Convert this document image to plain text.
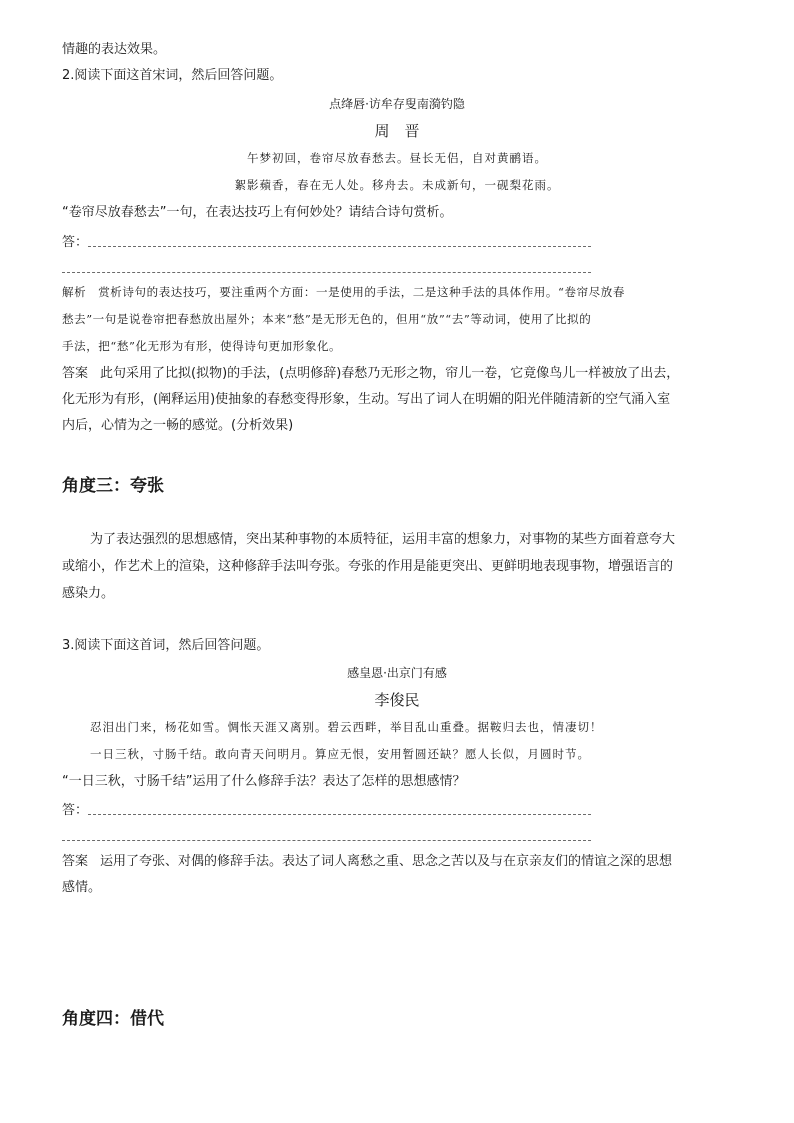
情趣的表达效果。
2.阅读下面这首宋词，然后回答问题。
点绛唇·访牟存叟南漪钓隐
周　晋
午梦初回，卷帘尽放春愁去。昼长无侣，自对黄鹂语。
絮影蘋香，春在无人处。移舟去。未成新句，一砚梨花雨。
“卷帘尽放春愁去”一句，在表达技巧上有何妙处？请结合诗句赏析。
答：
解析 赏析诗句的表达技巧，要注重两个方面：一是使用的手法，二是这种手法的具体作用。“卷帘尽放春
愁去”一句是说卷帘把春愁放出屋外；本来“愁”是无形无色的，但用“放”“去”等动词，使用了比拟的
手法，把“愁”化无形为有形，使得诗句更加形象化。
答案 此句采用了比拟(拟物)的手法，(点明修辞)春愁乃无形之物，帘儿一卷，它竟像鸟儿一样被放了出去，
化无形为有形，(阐释运用)使抽象的春愁变得形象，生动。写出了词人在明媚的阳光伴随清新的空气涌入室
内后，心情为之一畅的感觉。(分析效果)
角度三：夸张
为了表达强烈的思想感情，突出某种事物的本质特征，运用丰富的想象力，对事物的某些方面着意夸大
或缩小，作艺术上的渲染，这种修辞手法叫夸张。夸张的作用是能更突出、更鲜明地表现事物，增强语言的
感染力。
3.阅读下面这首词，然后回答问题。
感皇恩·出京门有感
李俊民
忍泪出门来，杨花如雪。惆怅天涯又离别。碧云西畔，举目乱山重叠。据鞍归去也，情凄切！
一日三秋，寸肠千结。敢向青天问明月。算应无恨，安用暂圆还缺？愿人长似，月圆时节。
“一日三秋，寸肠千结”运用了什么修辞手法？表达了怎样的思想感情？
答：
答案 运用了夸张、对偶的修辞手法。表达了词人离愁之重、思念之苦以及与在京亲友们的情谊之深的思想
感情。
角度四：借代
